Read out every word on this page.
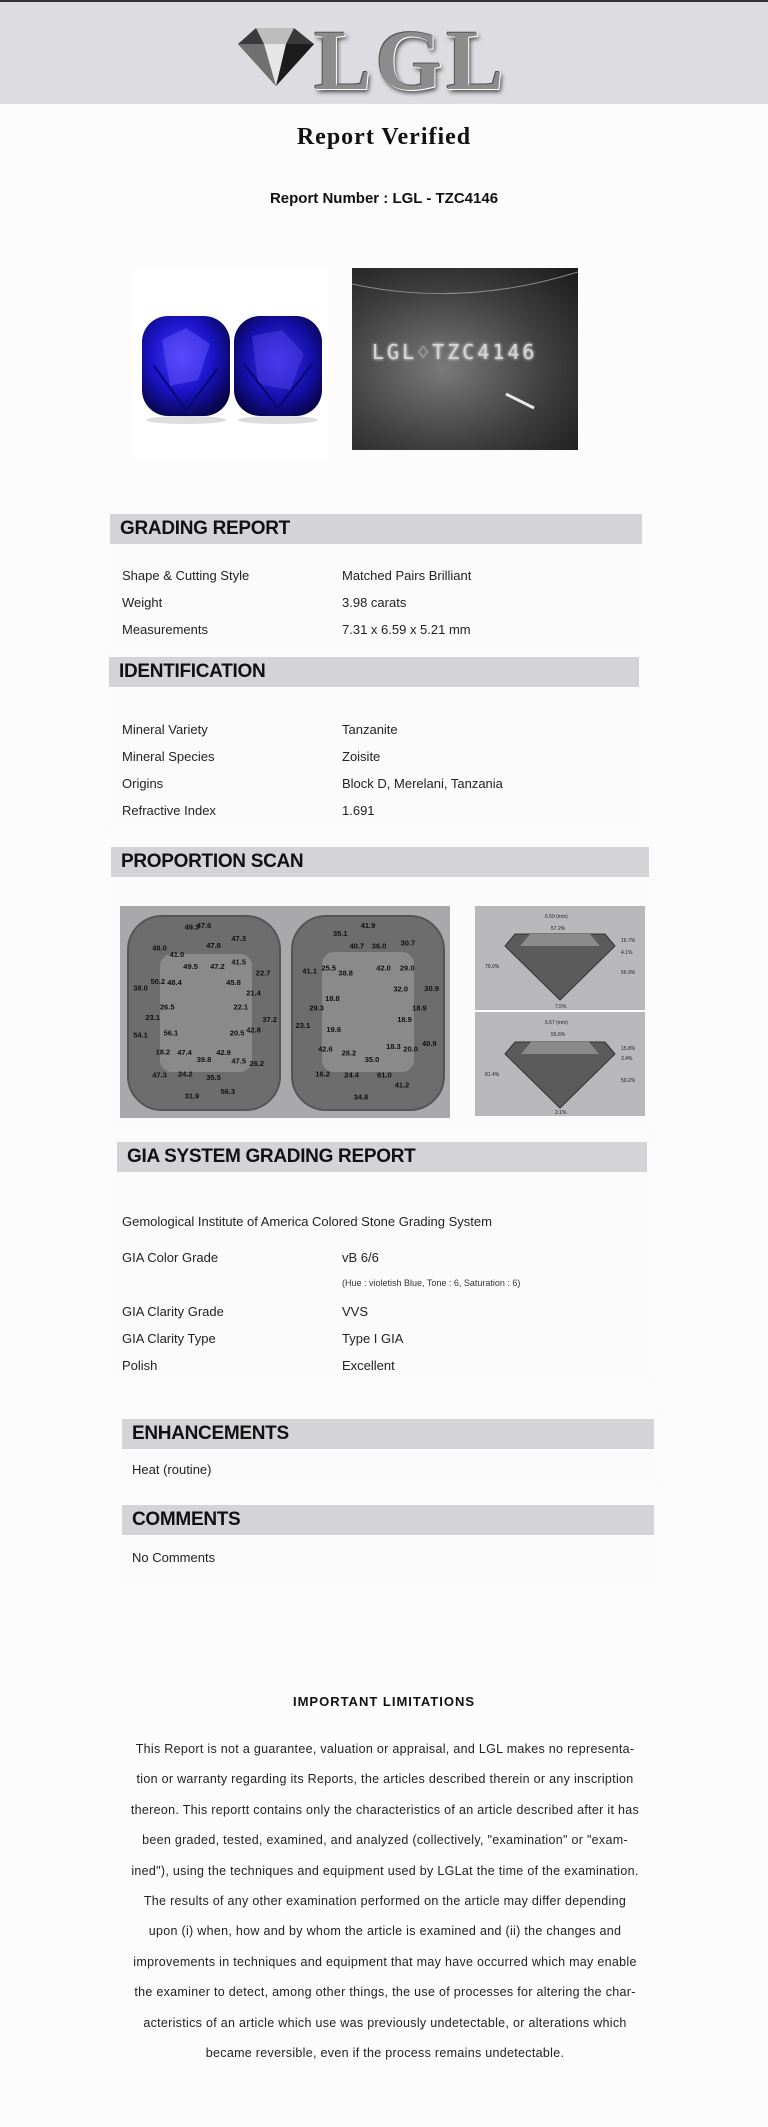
LGL
Report Verified
Report Number : LGL - TZC4146
LGL♢TZC4146
GRADING REPORT
Shape & Cutting Style	Matched Pairs Brilliant
Weight	3.98 carats
Measurements	7.31 x 6.59 x 5.21 mm
IDENTIFICATION
Mineral Variety	Tanzanite
Mineral Species	Zoisite
Origins	Block D, Merelani, Tanzania
Refractive Index	1.691
PROPORTION SCAN
47.6
47.8
47.2
47.3
41.5
45.8
22.7
21.4
22.1
37.2
42.8
20.5
26.2
47.5
42.9
56.3
35.5
39.8
31.9
24.2
47.4
47.3
18.2
56.1
54.1
23.1
26.5
38.0
50.2 48.4
48.0
41.0
49.5
49.3	41.9
36.0
42.0
30.7
29.0
32.0 30.9
18.9
18.9
40.9
20.0
18.3
41.2
61.0
35.0
34.8
24.4
28.2
16.2
42.6
19.6
23.1
29.3
18.8
41.1 25.5
38.8
35.1
40.7
6.59 (mm)
57.2%
79.0%
16.7%
4.1%
56.9%
7.5%
6.57 (mm)
55.6%
81.4%
15.8%
3.4%
59.2%
2.1%
GIA SYSTEM GRADING REPORT
Gemological Institute of America Colored Stone Grading System
GIA Color Grade	vB 6/6
(Hue : violetish Blue, Tone : 6, Saturation : 6)
GIA Clarity Grade	VVS
GIA Clarity Type	Type I GIA
Polish	Excellent
ENHANCEMENTS
Heat (routine)
COMMENTS
No Comments
IMPORTANT LIMITATIONS
This Report is not a guarantee, valuation or appraisal, and LGL makes no representa-
tion or warranty regarding its Reports, the articles described therein or any inscription
thereon. This reportt contains only the characteristics of an article described after it has
been graded, tested, examined, and analyzed (collectively, "examination" or "exam-
ined"), using the techniques and equipment used by LGLat the time of the examination.
The results of any other examination performed on the article may differ depending
upon (i) when, how and by whom the article is examined and (ii) the changes and
improvements in techniques and equipment that may have occurred which may enable
the examiner to detect, among other things, the use of processes for altering the char-
acteristics of an article which use was previously undetectable, or alterations which
became reversible, even if the process remains undetectable.
